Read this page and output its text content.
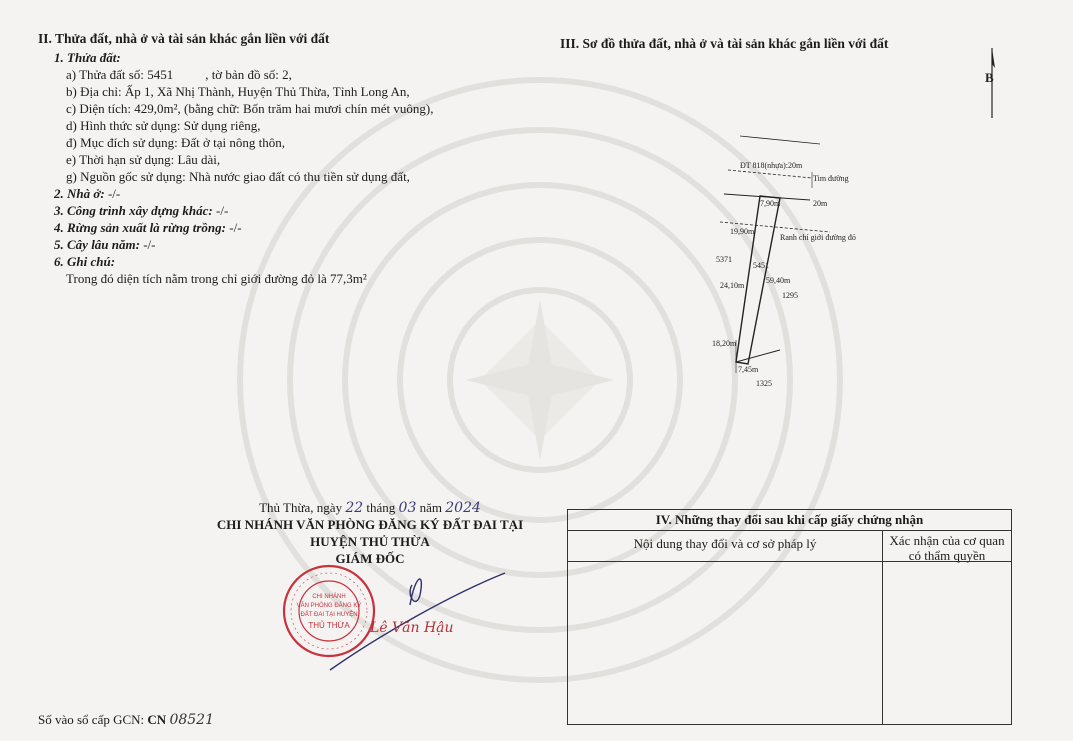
II. Thửa đất, nhà ở và tài sản khác gắn liền với đất
1. Thửa đất:
a) Thửa đất số: 5451 , tờ bản đồ số: 2,
b) Địa chỉ: Ấp 1, Xã Nhị Thành, Huyện Thủ Thừa, Tỉnh Long An,
c) Diện tích: 429,0m², (bằng chữ: Bốn trăm hai mươi chín mét vuông),
d) Hình thức sử dụng: Sử dụng riêng,
đ) Mục đích sử dụng: Đất ở tại nông thôn,
e) Thời hạn sử dụng: Lâu dài,
g) Nguồn gốc sử dụng: Nhà nước giao đất có thu tiền sử dụng đất,
2. Nhà ở: -/-
3. Công trình xây dựng khác: -/-
4. Rừng sản xuất là rừng trồng: -/-
5. Cây lâu năm: -/-
6. Ghi chú:
Trong đó diện tích nằm trong chỉ giới đường đỏ là 77,3m²
III. Sơ đồ thửa đất, nhà ở và tài sản khác gắn liền với đất
B
ĐT 818(nhựa):20m
Tim đường
7,90m	20m
19,90m
Ranh chỉ giới đường đỏ
5371
5451
24,10m
59,40m
1295
18,20m
7,45m
1325
Thủ Thừa, ngày 22 tháng 03 năm 2024
CHI NHÁNH VĂN PHÒNG ĐĂNG KÝ ĐẤT ĐAI TẠI
HUYỆN THỦ THỪA
GIÁM ĐỐC
CHI NHÁNH
VĂN PHÒNG ĐĂNG KÝ
ĐẤT ĐAI TẠI HUYỆN
THỦ THỪA Lê Văn Hậu
IV. Những thay đổi sau khi cấp giấy chứng nhận
Nội dung thay đổi và cơ sở pháp lý	Xác nhận của cơ quan
có thẩm quyền
Số vào sổ cấp GCN: CN 08521
